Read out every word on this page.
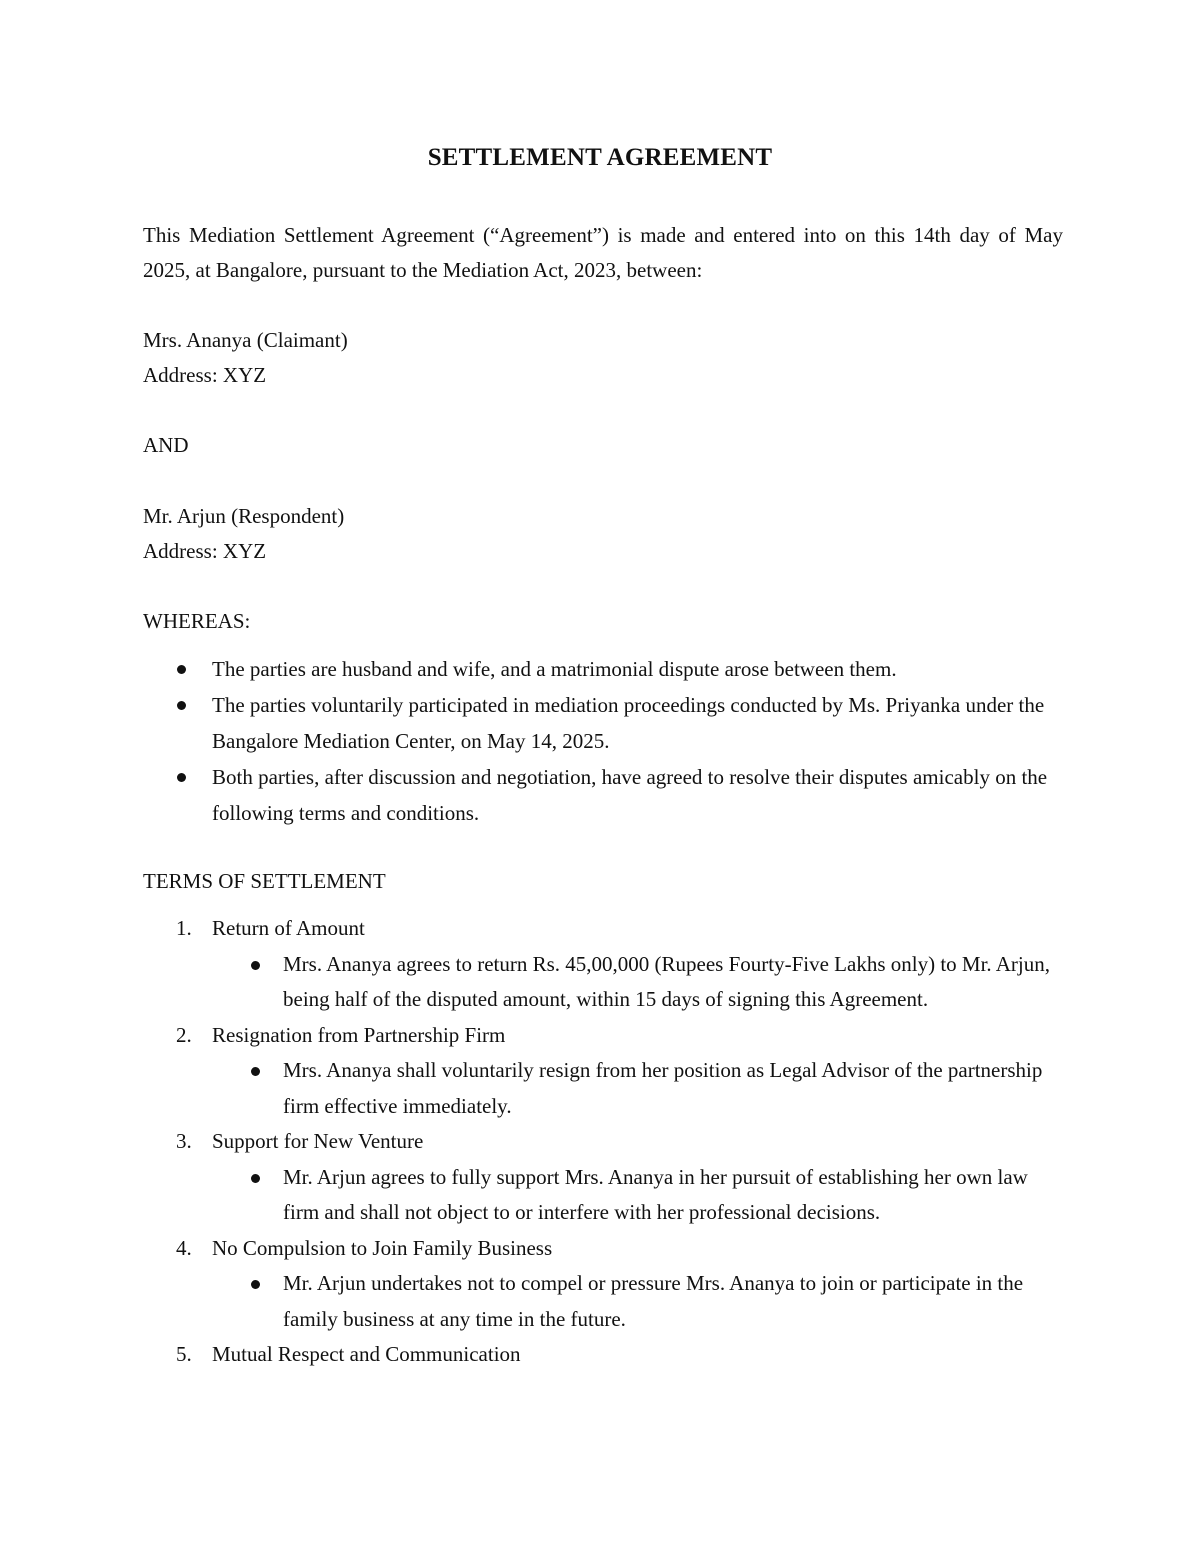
SETTLEMENT AGREEMENT
This Mediation Settlement Agreement (“Agreement”) is made and entered into on this 14th day of May 2025, at Bangalore, pursuant to the Mediation Act, 2023, between:
Mrs. Ananya (Claimant)
Address: XYZ
AND
Mr. Arjun (Respondent)
Address: XYZ
WHEREAS:
The parties are husband and wife, and a matrimonial dispute arose between them.
The parties voluntarily participated in mediation proceedings conducted by Ms. Priyanka under the Bangalore Mediation Center, on May 14, 2025.
Both parties, after discussion and negotiation, have agreed to resolve their disputes amicably on the following terms and conditions.
TERMS OF SETTLEMENT
1. Return of Amount
Mrs. Ananya agrees to return Rs. 45,00,000 (Rupees Fourty-Five Lakhs only) to Mr. Arjun, being half of the disputed amount, within 15 days of signing this Agreement.
2. Resignation from Partnership Firm
Mrs. Ananya shall voluntarily resign from her position as Legal Advisor of the partnership firm effective immediately.
3. Support for New Venture
Mr. Arjun agrees to fully support Mrs. Ananya in her pursuit of establishing her own law firm and shall not object to or interfere with her professional decisions.
4. No Compulsion to Join Family Business
Mr. Arjun undertakes not to compel or pressure Mrs. Ananya to join or participate in the family business at any time in the future.
5. Mutual Respect and Communication
